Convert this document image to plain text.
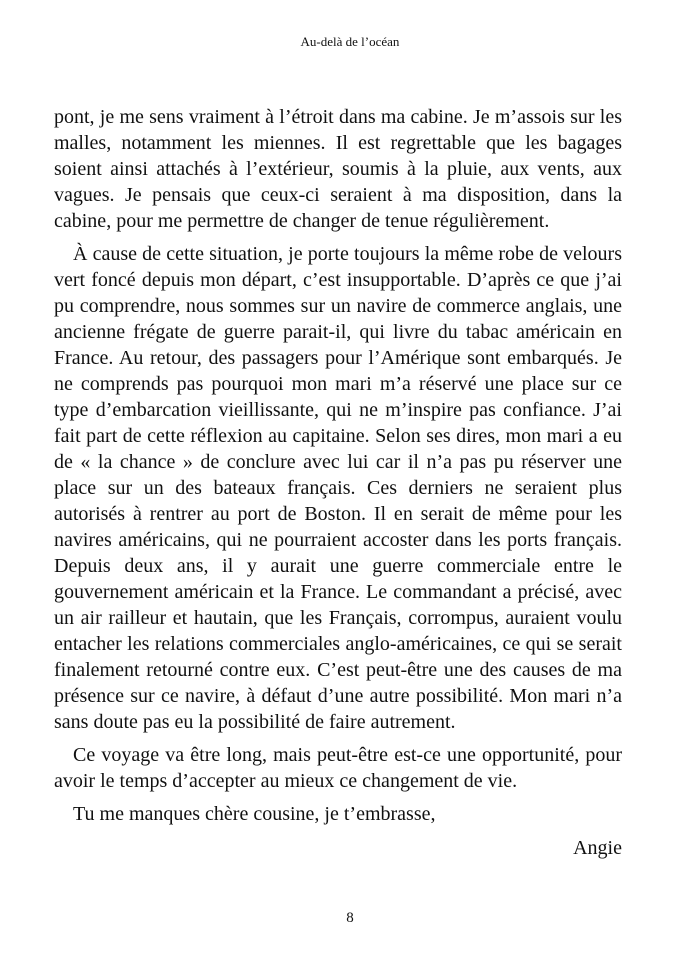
Au-delà de l’océan

pont, je me sens vraiment à l’étroit dans ma cabine. Je m’assois sur les malles, notamment les miennes. Il est regrettable que les bagages soient ainsi attachés à l’extérieur, soumis à la pluie, aux vents, aux vagues. Je pensais que ceux-ci seraient à ma disposition, dans la cabine, pour me permettre de changer de tenue régulièrement.

À cause de cette situation, je porte toujours la même robe de velours vert foncé depuis mon départ, c’est insupportable. D’après ce que j’ai pu comprendre, nous sommes sur un navire de commerce anglais, une ancienne frégate de guerre parait-il, qui livre du tabac américain en France. Au retour, des passagers pour l’Amérique sont embarqués. Je ne comprends pas pourquoi mon mari m’a réservé une place sur ce type d’embarcation vieillissante, qui ne m’inspire pas confiance. J’ai fait part de cette réflexion au capitaine. Selon ses dires, mon mari a eu de « la chance » de conclure avec lui car il n’a pas pu réserver une place sur un des bateaux français. Ces derniers ne seraient plus autorisés à rentrer au port de Boston. Il en serait de même pour les navires américains, qui ne pourraient accoster dans les ports français. Depuis deux ans, il y aurait une guerre commerciale entre le gouvernement américain et la France. Le commandant a précisé, avec un air railleur et hautain, que les Français, corrompus, auraient voulu entacher les relations commerciales anglo-américaines, ce qui se serait finalement retourné contre eux. C’est peut-être une des causes de ma présence sur ce navire, à défaut d’une autre possibilité. Mon mari n’a sans doute pas eu la possibilité de faire autrement.

Ce voyage va être long, mais peut-être est-ce une opportunité, pour avoir le temps d’accepter au mieux ce changement de vie.

Tu me manques chère cousine, je t’embrasse,

Angie
8
